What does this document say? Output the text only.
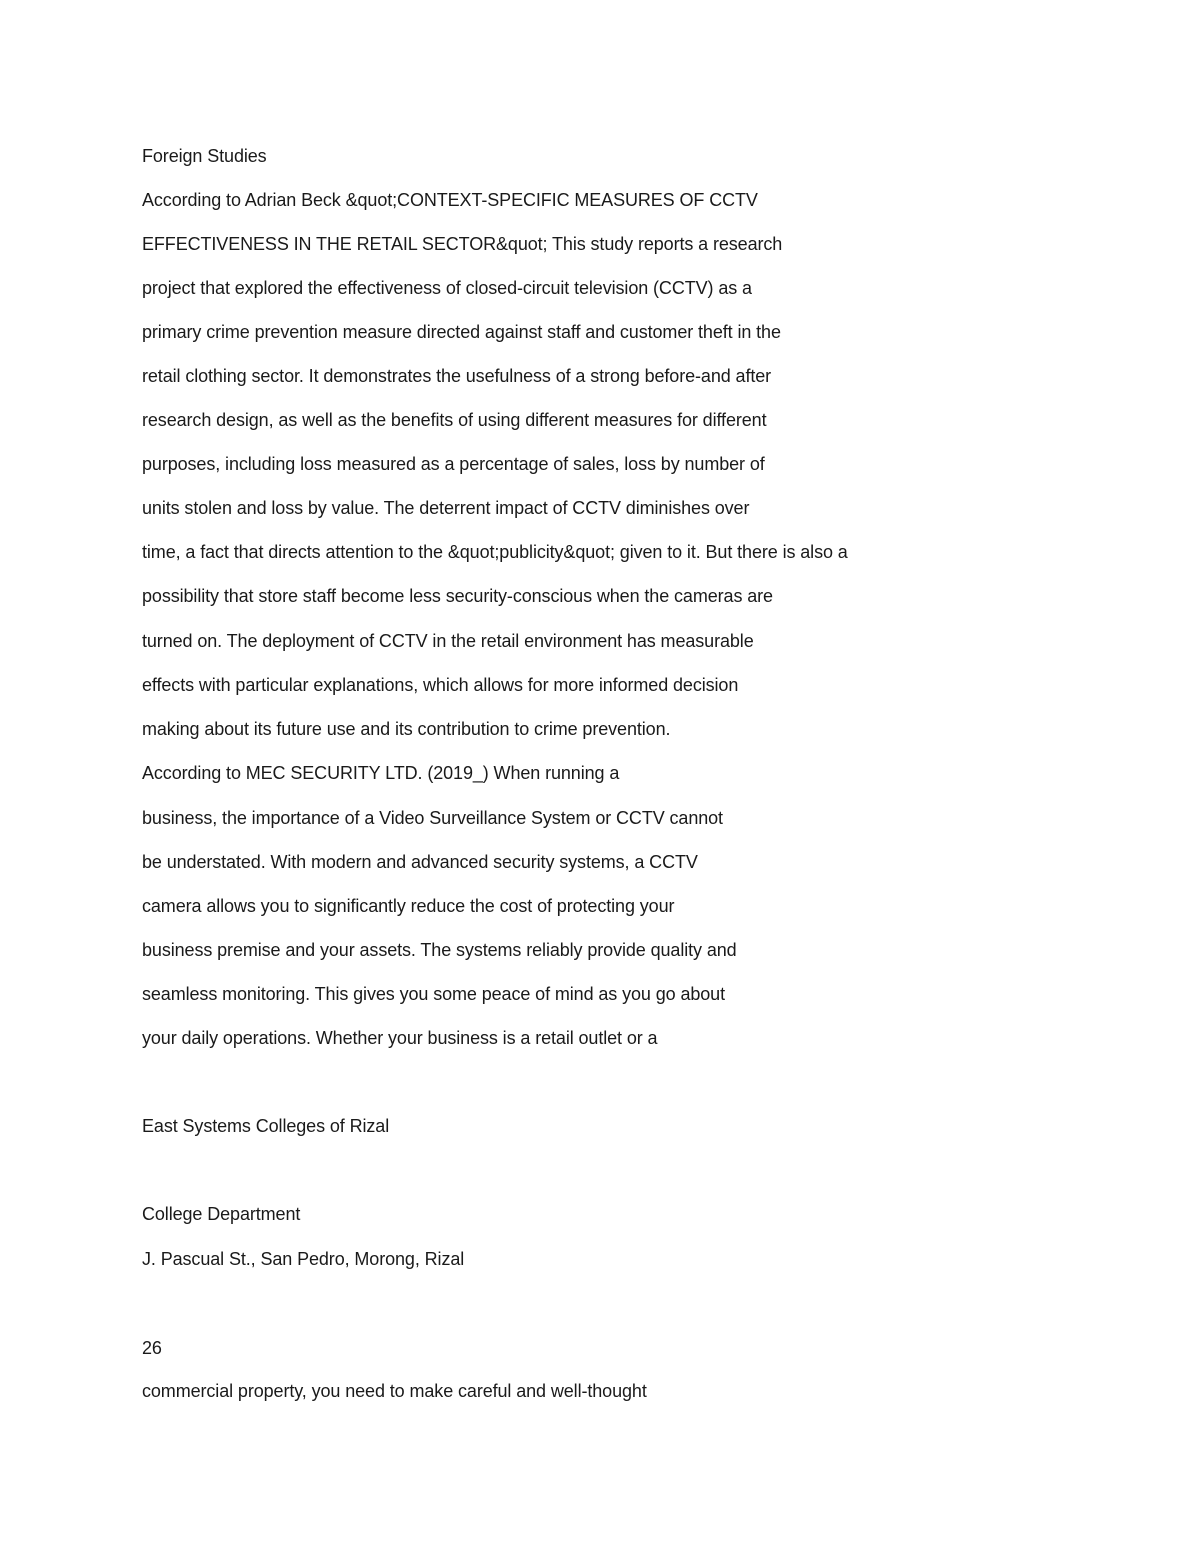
Foreign Studies
According to Adrian Beck &quot;CONTEXT-SPECIFIC MEASURES OF CCTV
EFFECTIVENESS IN THE RETAIL SECTOR&quot; This study reports a research
project that explored the effectiveness of closed-circuit television (CCTV) as a
primary crime prevention measure directed against staff and customer theft in the
retail clothing sector. It demonstrates the usefulness of a strong before-and after
research design, as well as the benefits of using different measures for different
purposes, including loss measured as a percentage of sales, loss by number of
units stolen and loss by value. The deterrent impact of CCTV diminishes over
time, a fact that directs attention to the &quot;publicity&quot; given to it. But there is also a
possibility that store staff become less security-conscious when the cameras are
turned on. The deployment of CCTV in the retail environment has measurable
effects with particular explanations, which allows for more informed decision
making about its future use and its contribution to crime prevention.
According to MEC SECURITY LTD. (2019_) When running a
business, the importance of a Video Surveillance System or CCTV cannot
be understated. With modern and advanced security systems, a CCTV
camera allows you to significantly reduce the cost of protecting your
business premise and your assets. The systems reliably provide quality and
seamless monitoring. This gives you some peace of mind as you go about
your daily operations. Whether your business is a retail outlet or a
East Systems Colleges of Rizal
College Department
J. Pascual St., San Pedro, Morong, Rizal
26
commercial property, you need to make careful and well-thought
